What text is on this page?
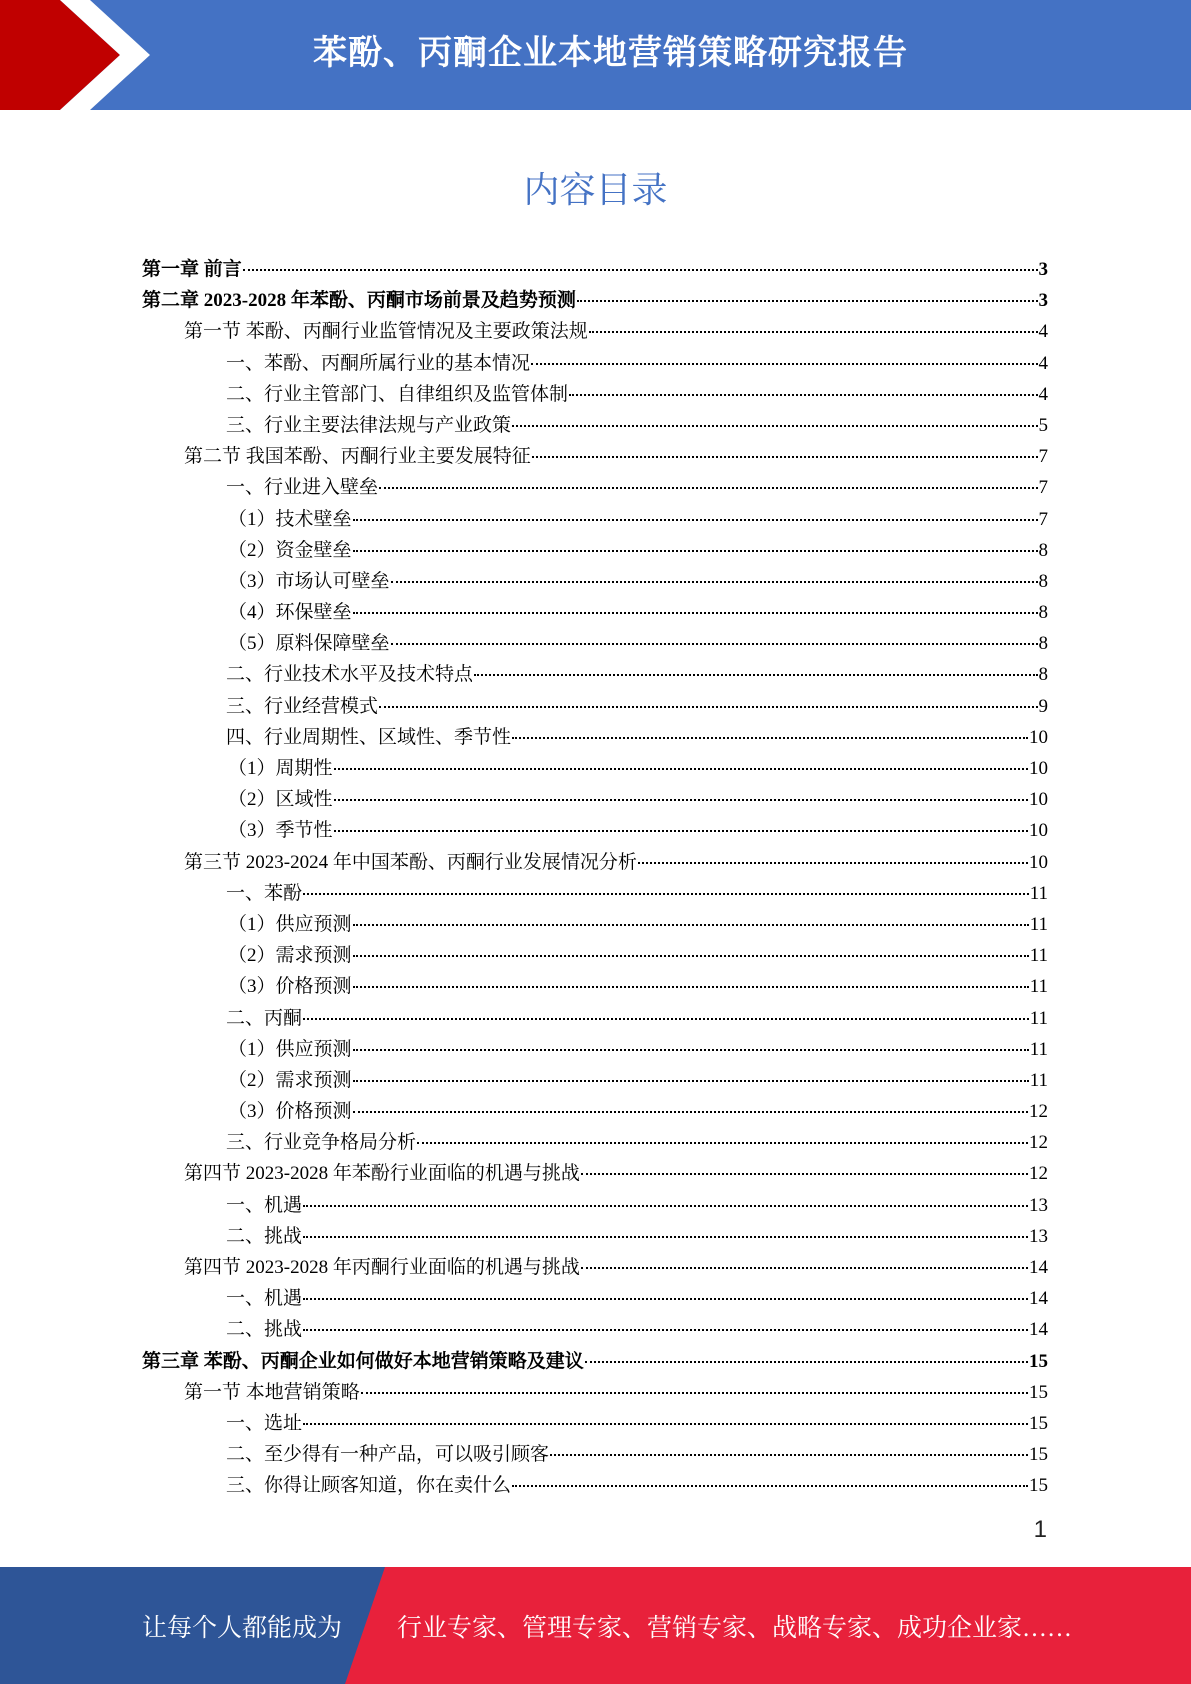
苯酚、丙酮企业本地营销策略研究报告
内容目录
第一章 前言	3
第二章 2023-2028 年苯酚、丙酮市场前景及趋势预测	3
第一节 苯酚、丙酮行业监管情况及主要政策法规	4
一、苯酚、丙酮所属行业的基本情况	4
二、行业主管部门、自律组织及监管体制	4
三、行业主要法律法规与产业政策	5
第二节 我国苯酚、丙酮行业主要发展特征	7
一、行业进入壁垒	7
（1）技术壁垒	7
（2）资金壁垒	8
（3）市场认可壁垒	8
（4）环保壁垒	8
（5）原料保障壁垒	8
二、行业技术水平及技术特点	8
三、行业经营模式	9
四、行业周期性、区域性、季节性	10
（1）周期性	10
（2）区域性	10
（3）季节性	10
第三节 2023-2024 年中国苯酚、丙酮行业发展情况分析	10
一、苯酚	11
（1）供应预测	11
（2）需求预测	11
（3）价格预测	11
二、丙酮	11
（1）供应预测	11
（2）需求预测	11
（3）价格预测	12
三、行业竞争格局分析	12
第四节 2023-2028 年苯酚行业面临的机遇与挑战	12
一、机遇	13
二、挑战	13
第四节 2023-2028 年丙酮行业面临的机遇与挑战	14
一、机遇	14
二、挑战	14
第三章 苯酚、丙酮企业如何做好本地营销策略及建议	15
第一节 本地营销策略	15
一、选址	15
二、至少得有一种产品，可以吸引顾客	15
三、你得让顾客知道，你在卖什么	15
1
让每个人都能成为 行业专家、管理专家、营销专家、战略专家、成功企业家……
